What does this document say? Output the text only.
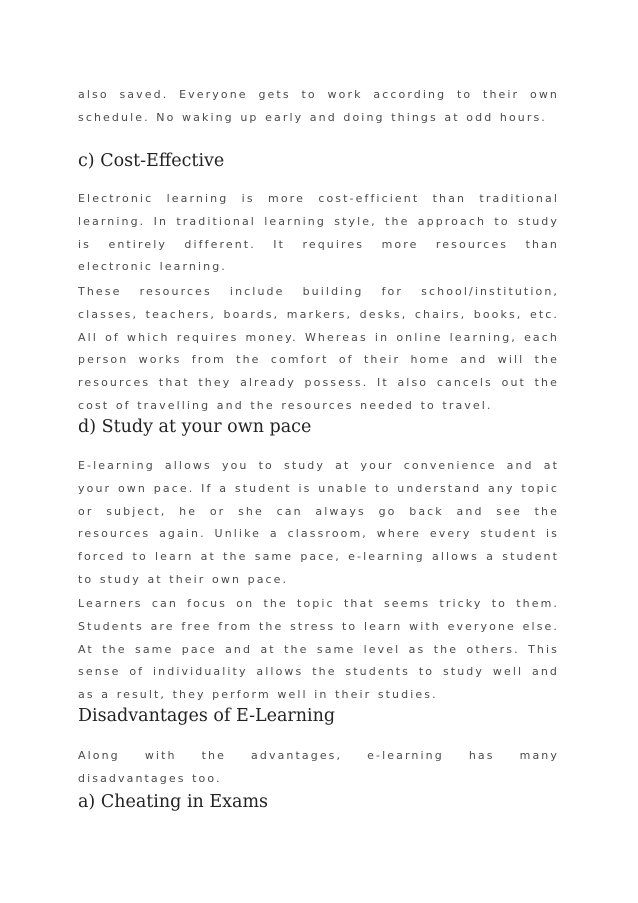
also saved. Everyone gets to work according to their own schedule. No waking up early and doing things at odd hours.

c) Cost-Effective

Electronic learning is more cost-efficient than traditional learning. In traditional learning style, the approach to study is entirely different. It requires more resources than electronic learning.

These resources include building for school/institution, classes, teachers, boards, markers, desks, chairs, books, etc. All of which requires money. Whereas in online learning, each person works from the comfort of their home and will the resources that they already possess. It also cancels out the cost of travelling and the resources needed to travel.

d) Study at your own pace

E-learning allows you to study at your convenience and at your own pace. If a student is unable to understand any topic or subject, he or she can always go back and see the resources again. Unlike a classroom, where every student is forced to learn at the same pace, e-learning allows a student to study at their own pace.

Learners can focus on the topic that seems tricky to them. Students are free from the stress to learn with everyone else. At the same pace and at the same level as the others. This sense of individuality allows the students to study well and as a result, they perform well in their studies.

Disadvantages of E-Learning

Along with the advantages, e-learning has many disadvantages too.

a) Cheating in Exams
